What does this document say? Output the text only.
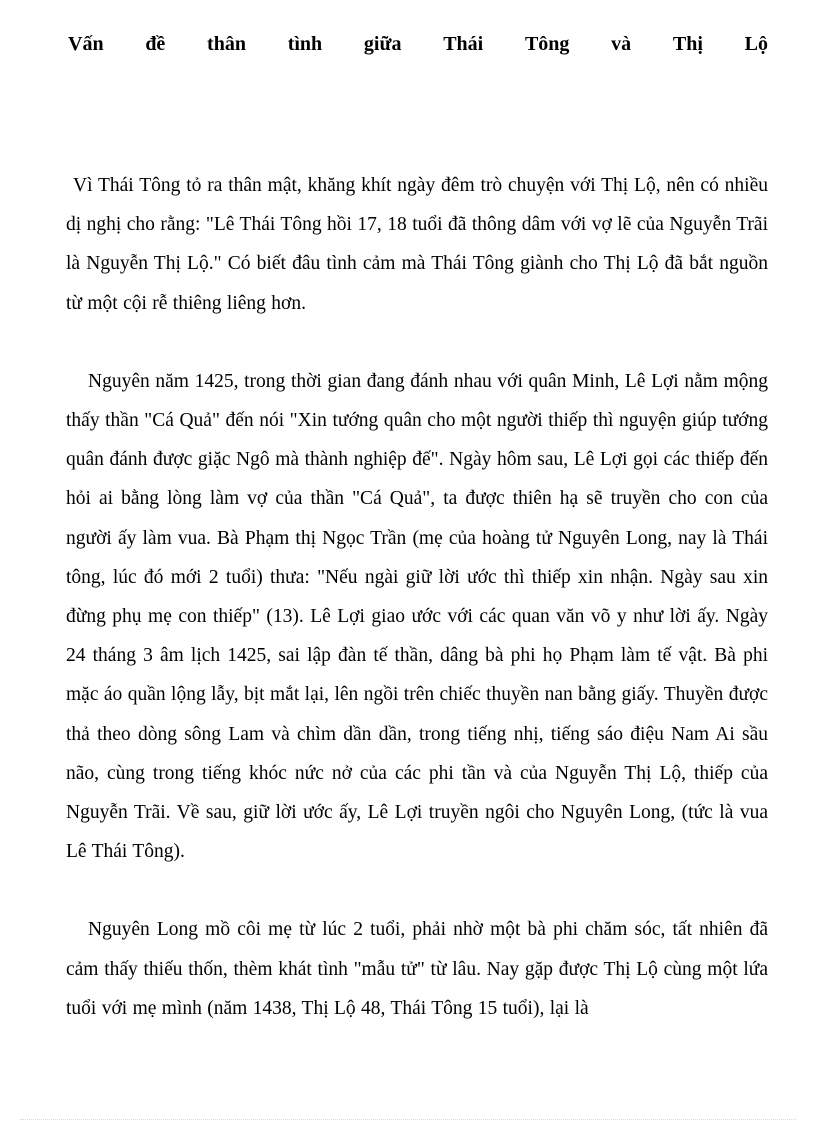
Vấn đề thân tình giữa Thái Tông và Thị Lộ

Vì Thái Tông tỏ ra thân mật, khăng khít ngày đêm trò chuyện với Thị Lộ, nên có nhiều dị nghị cho rằng: "Lê Thái Tông hồi 17, 18 tuổi đã thông dâm với vợ lẽ của Nguyễn Trãi là Nguyễn Thị Lộ." Có biết đâu tình cảm mà Thái Tông giành cho Thị Lộ đã bắt nguồn từ một cội rễ thiêng liêng hơn.

Nguyên năm 1425, trong thời gian đang đánh nhau với quân Minh, Lê Lợi nằm mộng thấy thần "Cá Quả" đến nói "Xin tướng quân cho một người thiếp thì nguyện giúp tướng quân đánh được giặc Ngô mà thành nghiệp đế". Ngày hôm sau, Lê Lợi gọi các thiếp đến hỏi ai bằng lòng làm vợ của thần "Cá Quả", ta được thiên hạ sẽ truyền cho con của người ấy làm vua. Bà Phạm thị Ngọc Trần (mẹ của hoàng tử Nguyên Long, nay là Thái tông, lúc đó mới 2 tuổi) thưa: "Nếu ngài giữ lời ước thì thiếp xin nhận. Ngày sau xin đừng phụ mẹ con thiếp" (13). Lê Lợi giao ước với các quan văn võ y như lời ấy. Ngày 24 tháng 3 âm lịch 1425, sai lập đàn tế thần, dâng bà phi họ Phạm làm tế vật. Bà phi mặc áo quần lộng lẫy, bịt mắt lại, lên ngồi trên chiếc thuyền nan bằng giấy. Thuyền được thả theo dòng sông Lam và chìm dần dần, trong tiếng nhị, tiếng sáo điệu Nam Ai sầu não, cùng trong tiếng khóc nức nở của các phi tần và của Nguyễn Thị Lộ, thiếp của Nguyễn Trãi. Về sau, giữ lời ước ấy, Lê Lợi truyền ngôi cho Nguyên Long, (tức là vua Lê Thái Tông).

Nguyên Long mồ côi mẹ từ lúc 2 tuổi, phải nhờ một bà phi chăm sóc, tất nhiên đã cảm thấy thiếu thốn, thèm khát tình "mẫu tử" từ lâu. Nay gặp được Thị Lộ cùng một lứa tuổi với mẹ mình (năm 1438, Thị Lộ 48, Thái Tông 15 tuổi), lại là
